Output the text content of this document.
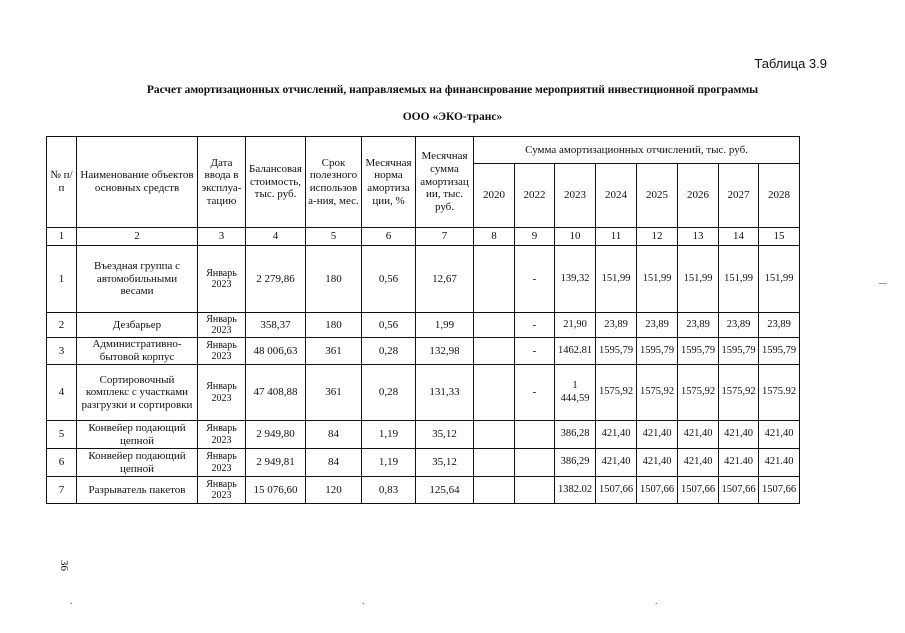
Таблица 3.9
Расчет амортизационных отчислений, направляемых на финансирование мероприятий инвестиционной программы
ООО «ЭКО-транс»
№ п/п	Наименование объектов основных средств	Дата ввода в эксплуа-тацию	Балансовая стоимость, тыс. руб.	Срок полезного использов а-ния, мес.	Месячная норма амортиза ции, %	Месячная сумма амортизац ии, тыс. руб.	Сумма амортизационных отчислений, тыс. руб.							
							2020	2022	2023	2024	2025	2026	2027	2028
1	2	3	4	5	6	7	8	9	10	11	12	13	14	15
1	Въездная группа с автомобильными весами	Январь 2023	2 279,86	180	0,56	12,67		-	139,32	151,99	151,99	151,99	151,99	151,99
2	Дезбарьер	Январь 2023	358,37	180	0,56	1,99		-	21,90	23,89	23,89	23,89	23,89	23,89
3	Административно-бытовой корпус	Январь 2023	48 006,63	361	0,28	132,98		-	1462.81	1595,79	1595,79	1595,79	1595,79	1595,79
4	Сортировочный комплекс с участками разгрузки и сортировки	Январь 2023	47 408,88	361	0,28	131,33		-	1 444,59	1575,92	1575,92	1575,92	1575,92	1575.92
5	Конвейер подающий цепной	Январь 2023	2 949,80	84	1,19	35,12			386,28	421,40	421,40	421,40	421,40	421,40
6	Конвейер подающий цепной	Январь 2023	2 949,81	84	1,19	35,12			386,29	421,40	421,40	421,40	421.40	421.40
7	Разрыватель пакетов	Январь 2023	15 076,60	120	0,83	125,64			1382.02	1507,66	1507,66	1507,66	1507,66	1507,66
36
.	.	.
